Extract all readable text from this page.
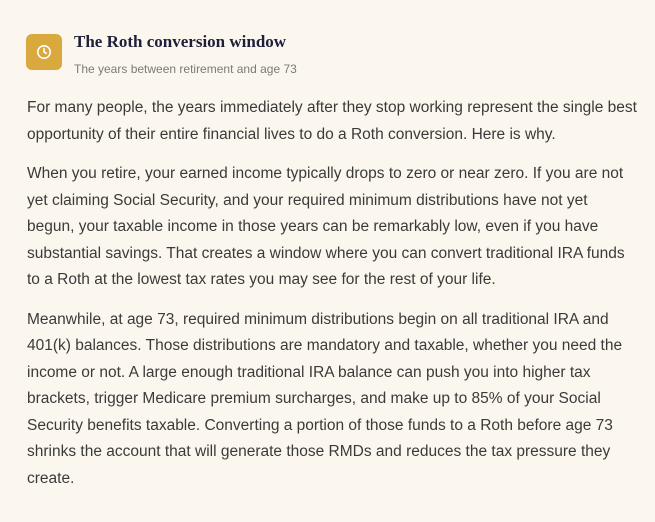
The Roth conversion window
The years between retirement and age 73

For many people, the years immediately after they stop working represent the single best opportunity of their entire financial lives to do a Roth conversion. Here is why.

When you retire, your earned income typically drops to zero or near zero. If you are not yet claiming Social Security, and your required minimum distributions have not yet begun, your taxable income in those years can be remarkably low, even if you have substantial savings. That creates a window where you can convert traditional IRA funds to a Roth at the lowest tax rates you may see for the rest of your life.

Meanwhile, at age 73, required minimum distributions begin on all traditional IRA and 401(k) balances. Those distributions are mandatory and taxable, whether you need the income or not. A large enough traditional IRA balance can push you into higher tax brackets, trigger Medicare premium surcharges, and make up to 85% of your Social Security benefits taxable. Converting a portion of those funds to a Roth before age 73 shrinks the account that will generate those RMDs and reduces the tax pressure they create.
